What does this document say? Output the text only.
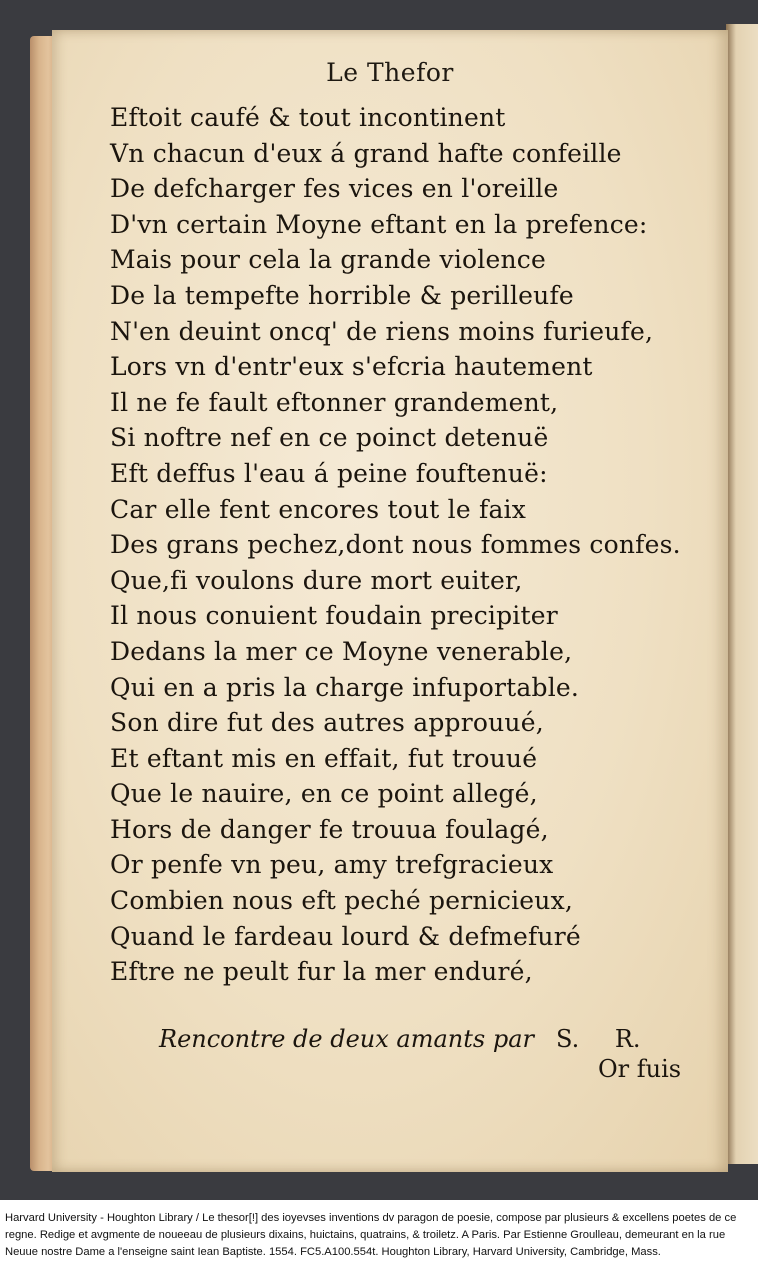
Le Thefor
Eftoit caufé & tout incontinent
Vn chacun d'eux á grand hafte confeille
De defcharger fes vices en l'oreille
D'vn certain Moyne eftant en la prefence:
Mais pour cela la grande violence
De la tempefte horrible & perilleufe
N'en deuint oncq' de riens moins furieufe,
Lors vn d'entr'eux s'efcria hautement
Il ne fe fault eftonner grandement,
Si noftre nef en ce poinct detenuë
Eft deffus l'eau á peine fouftenuë:
Car elle fent encores tout le faix
Des grans pechez,dont nous fommes confes.
Que,fi voulons dure mort euiter,
Il nous conuient foudain precipiter
Dedans la mer ce Moyne venerable,
Qui en a pris la charge infuportable.
Son dire fut des autres approuué,
Et eftant mis en effait, fut trouué
Que le nauire, en ce point allegé,
Hors de danger fe trouua foulagé,
Or penfe vn peu, amy trefgracieux
Combien nous eft peché pernicieux,
Quand le fardeau lourd & defmefuré
Eftre ne peult fur la mer enduré,
Rencontre de deux amants par S. R.
Or fuis
Harvard University - Houghton Library / Le thesor[!] des ioyevses inventions dv paragon de poesie, compose par plusieurs & excellens poetes de ce regne. Redige et avgmente de noueeau de plusieurs dixains, huictains, quatrains, & troiletz. A Paris. Par Estienne Groulleau, demeurant en la rue Neuue nostre Dame a l'enseigne saint Iean Baptiste. 1554. FC5.A100.554t. Houghton Library, Harvard University, Cambridge, Mass.
